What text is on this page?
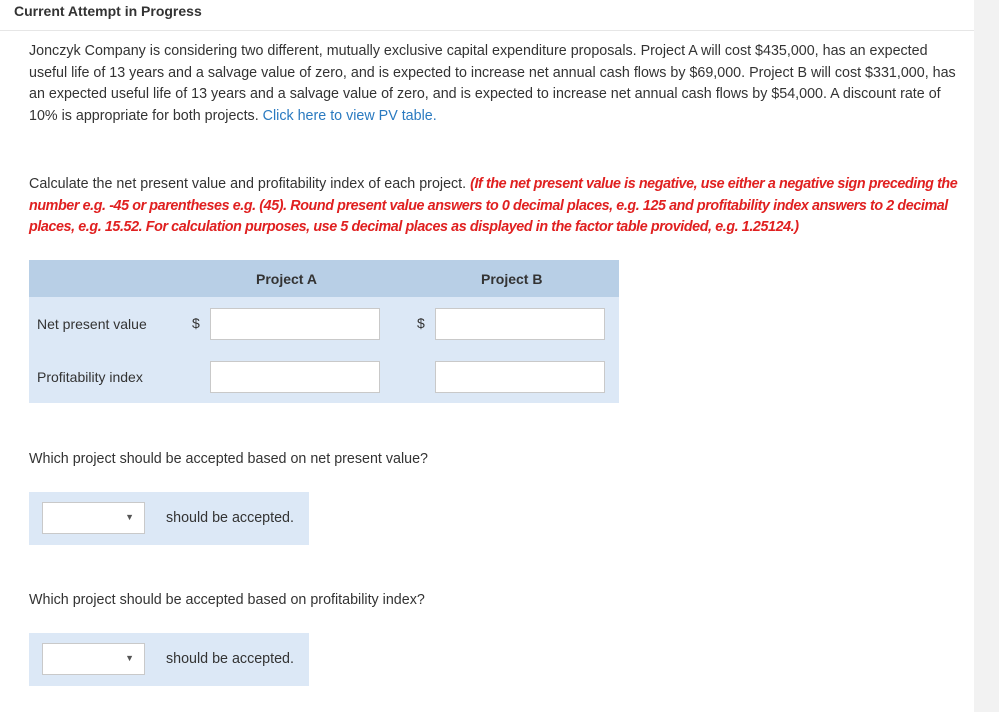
Current Attempt in Progress
Jonczyk Company is considering two different, mutually exclusive capital expenditure proposals. Project A will cost $435,000, has an expected useful life of 13 years and a salvage value of zero, and is expected to increase net annual cash flows by $69,000. Project B will cost $331,000, has an expected useful life of 13 years and a salvage value of zero, and is expected to increase net annual cash flows by $54,000. A discount rate of 10% is appropriate for both projects. Click here to view PV table.
Calculate the net present value and profitability index of each project. (If the net present value is negative, use either a negative sign preceding the number e.g. -45 or parentheses e.g. (45). Round present value answers to 0 decimal places, e.g. 125 and profitability index answers to 2 decimal places, e.g. 15.52. For calculation purposes, use 5 decimal places as displayed in the factor table provided, e.g. 1.25124.)
Project A	Project B
Net present value	$	$
Profitability index
Which project should be accepted based on net present value?
▼ should be accepted.
Which project should be accepted based on profitability index?
▼ should be accepted.
